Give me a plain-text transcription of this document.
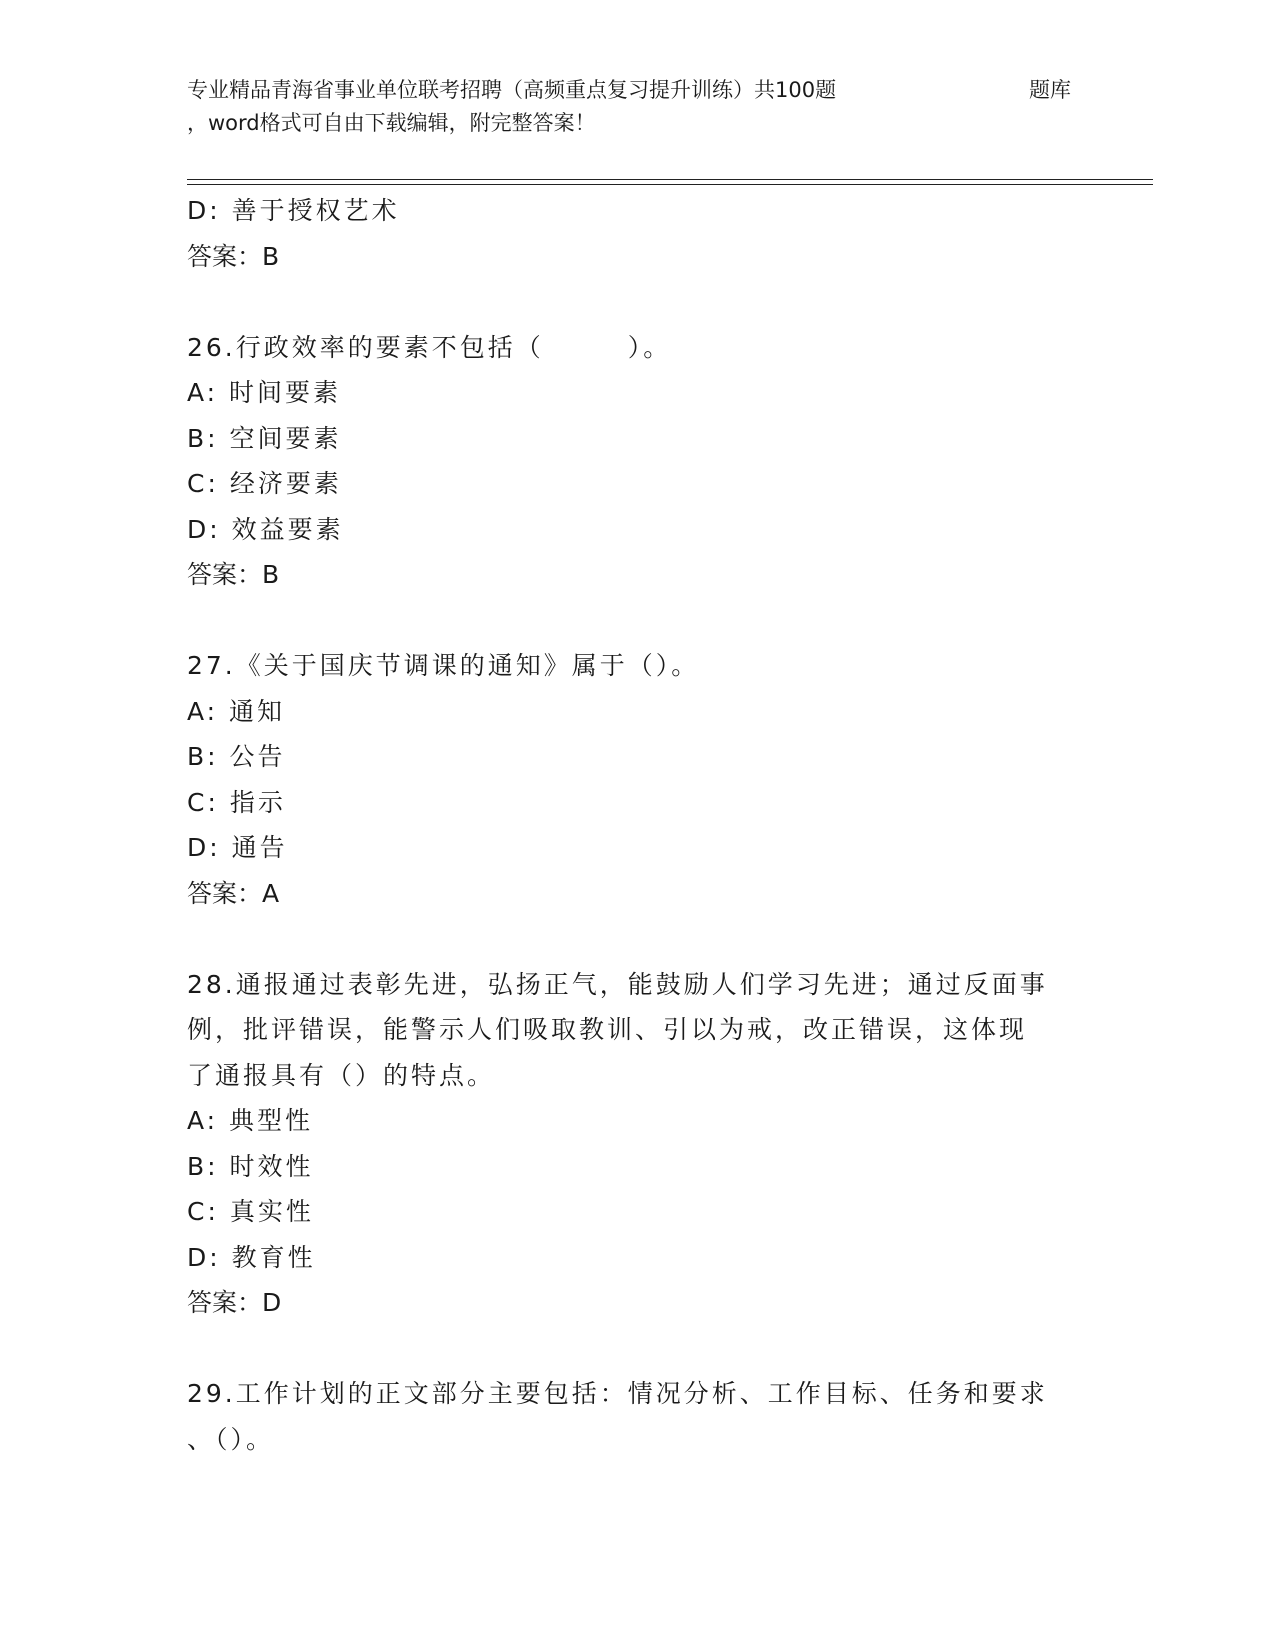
专业精品青海省事业单位联考招聘（高频重点复习提升训练）共100题	题库
，word格式可自由下载编辑，附完整答案！
D: 善于授权艺术
答案：B
26.行政效率的要素不包括（　　　）。
A: 时间要素
B: 空间要素
C: 经济要素
D: 效益要素
答案：B
27.《关于国庆节调课的通知》属于（）。
A: 通知
B: 公告
C: 指示
D: 通告
答案：A
28.通报通过表彰先进，弘扬正气，能鼓励人们学习先进；通过反面事
例，批评错误，能警示人们吸取教训、引以为戒，改正错误，这体现
了通报具有（）的特点。
A: 典型性
B: 时效性
C: 真实性
D: 教育性
答案：D
29.工作计划的正文部分主要包括：情况分析、工作目标、任务和要求
、（）。
